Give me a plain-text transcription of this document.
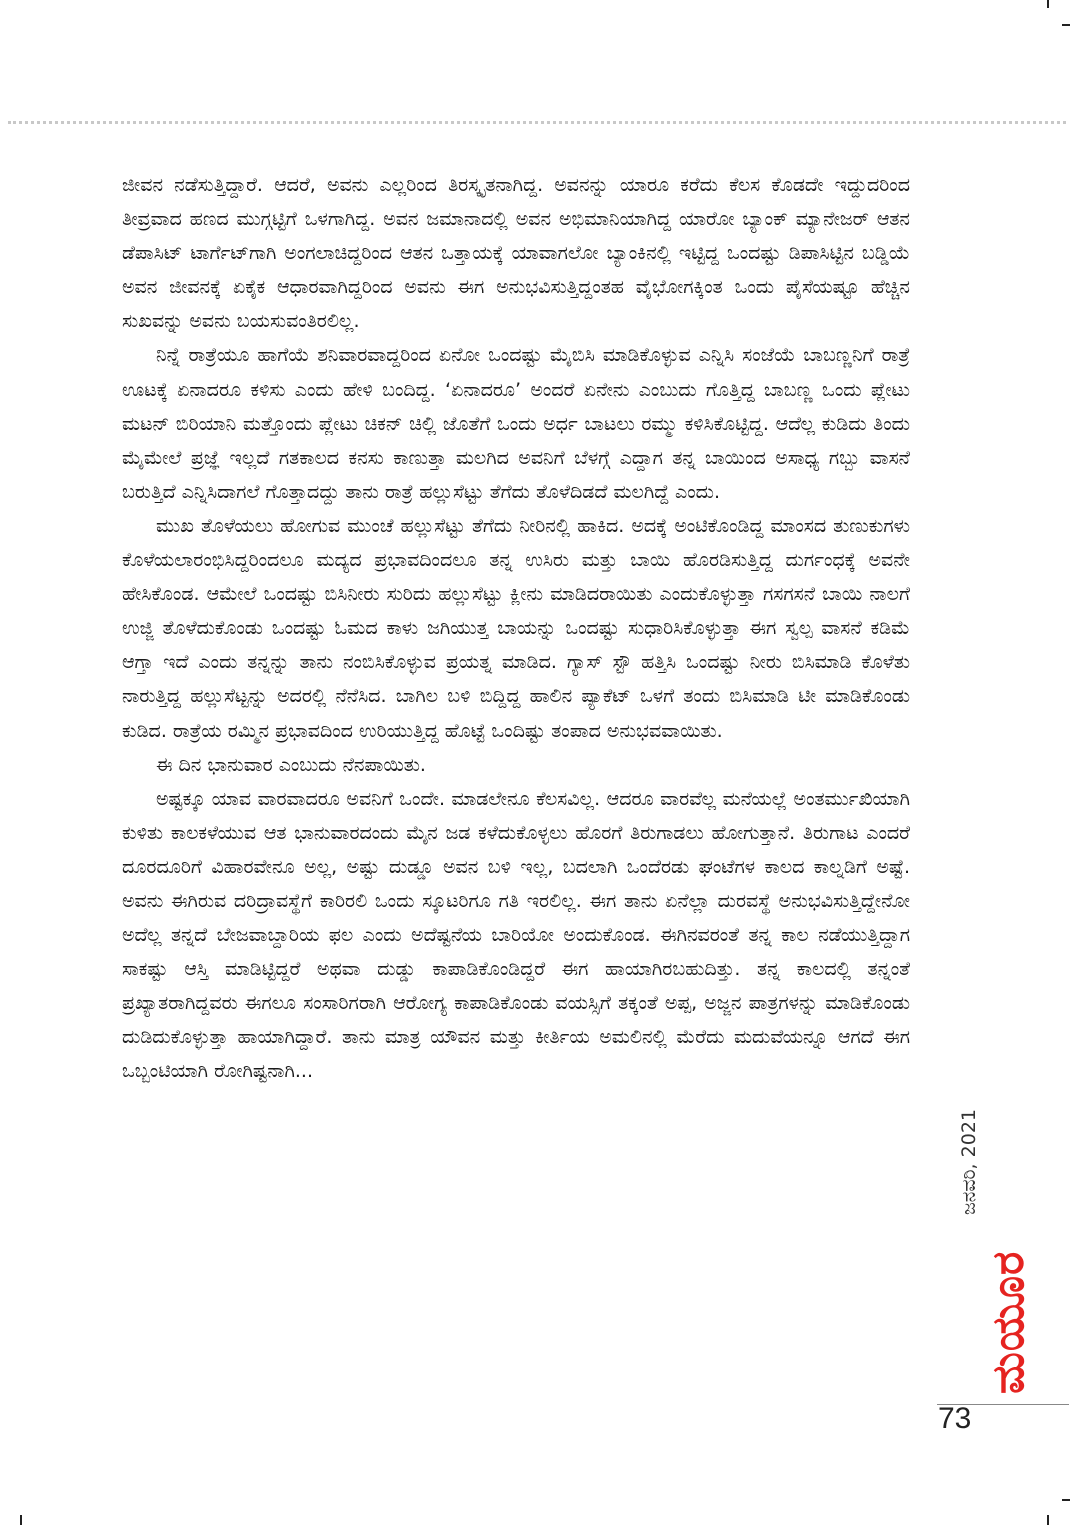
ಜೀವನ ನಡೆಸುತ್ತಿದ್ದಾರೆ. ಆದರೆ, ಅವನು ಎಲ್ಲರಿಂದ ತಿರಸ್ಕೃತನಾಗಿದ್ದ. ಅವನನ್ನು ಯಾರೂ ಕರೆದು ಕೆಲಸ ಕೊಡದೇ ಇದ್ದುದರಿಂದ ತೀವ್ರವಾದ ಹಣದ ಮುಗ್ಗಟ್ಟಿಗೆ ಒಳಗಾಗಿದ್ದ. ಅವನ ಜಮಾನಾದಲ್ಲಿ ಅವನ ಅಭಿಮಾನಿಯಾಗಿದ್ದ ಯಾರೋ ಬ್ಯಾಂಕ್ ಮ್ಯಾನೇಜರ್ ಆತನ ಡೆಪಾಸಿಟ್ ಟಾರ್ಗೆಟ್‌ಗಾಗಿ ಅಂಗಲಾಚಿದ್ದರಿಂದ ಆತನ ಒತ್ತಾಯಕ್ಕೆ ಯಾವಾಗಲೋ ಬ್ಯಾಂಕಿನಲ್ಲಿ ಇಟ್ಟಿದ್ದ ಒಂದಷ್ಟು ಡಿಪಾಸಿಟ್ಟಿನ ಬಡ್ಡಿಯೆ ಅವನ ಜೀವನಕ್ಕೆ ಏಕೈಕ ಆಧಾರವಾಗಿದ್ದರಿಂದ ಅವನು ಈಗ ಅನುಭವಿಸುತ್ತಿದ್ದಂತಹ ವೈಭೋಗಕ್ಕಿಂತ ಒಂದು ಪೈಸೆಯಷ್ಟೂ ಹೆಚ್ಚಿನ ಸುಖವನ್ನು ಅವನು ಬಯಸುವಂತಿರಲಿಲ್ಲ.

ನಿನ್ನೆ ರಾತ್ರೆಯೂ ಹಾಗೆಯೆ ಶನಿವಾರವಾದ್ದರಿಂದ ಏನೋ ಒಂದಷ್ಟು ಮೈಬಿಸಿ ಮಾಡಿಕೊಳ್ಳುವ ಎನ್ನಿಸಿ ಸಂಜೆಯೆ ಬಾಬಣ್ಣನಿಗೆ ರಾತ್ರೆ ಊಟಕ್ಕೆ ಏನಾದರೂ ಕಳಿಸು ಎಂದು ಹೇಳಿ ಬಂದಿದ್ದ. ‘ಏನಾದರೂ’ ಅಂದರೆ ಏನೇನು ಎಂಬುದು ಗೊತ್ತಿದ್ದ ಬಾಬಣ್ಣ ಒಂದು ಪ್ಲೇಟು ಮಟನ್ ಬಿರಿಯಾನಿ ಮತ್ತೊಂದು ಪ್ಲೇಟು ಚಿಕನ್ ಚಿಲ್ಲಿ ಜೊತೆಗೆ ಒಂದು ಅರ್ಧ ಬಾಟಲು ರಮ್ಮು ಕಳಿಸಿಕೊಟ್ಟಿದ್ದ. ಆದೆಲ್ಲ ಕುಡಿದು ತಿಂದು ಮೈಮೇಲೆ ಪ್ರಜ್ಞೆ ಇಲ್ಲದೆ ಗತಕಾಲದ ಕನಸು ಕಾಣುತ್ತಾ ಮಲಗಿದ ಅವನಿಗೆ ಬೆಳಗ್ಗೆ ಎದ್ದಾಗ ತನ್ನ ಬಾಯಿಂದ ಅಸಾಧ್ಯ ಗಬ್ಬು ವಾಸನೆ ಬರುತ್ತಿದೆ ಎನ್ನಿಸಿದಾಗಲೆ ಗೊತ್ತಾದದ್ದು ತಾನು ರಾತ್ರೆ ಹಲ್ಲುಸೆಟ್ಟು ತೆಗೆದು ತೊಳೆದಿಡದೆ ಮಲಗಿದ್ದೆ ಎಂದು.

ಮುಖ ತೊಳೆಯಲು ಹೋಗುವ ಮುಂಚೆ ಹಲ್ಲುಸೆಟ್ಟು ತೆಗೆದು ನೀರಿನಲ್ಲಿ ಹಾಕಿದ. ಅದಕ್ಕೆ ಅಂಟಿಕೊಂಡಿದ್ದ ಮಾಂಸದ ತುಣುಕುಗಳು ಕೊಳೆಯಲಾರಂಭಿಸಿದ್ದರಿಂದಲೂ ಮದ್ಯದ ಪ್ರಭಾವದಿಂದಲೂ ತನ್ನ ಉಸಿರು ಮತ್ತು ಬಾಯಿ ಹೊರಡಿಸುತ್ತಿದ್ದ ದುರ್ಗಂಧಕ್ಕೆ ಅವನೇ ಹೇಸಿಕೊಂಡ. ಆಮೇಲೆ ಒಂದಷ್ಟು ಬಿಸಿನೀರು ಸುರಿದು ಹಲ್ಲುಸೆಟ್ಟು ಕ್ಲೀನು ಮಾಡಿದರಾಯಿತು ಎಂದುಕೊಳ್ಳುತ್ತಾ ಗಸಗಸನೆ ಬಾಯಿ ನಾಲಗೆ ಉಜ್ಜಿ ತೊಳೆದುಕೊಂಡು ಒಂದಷ್ಟು ಓಮದ ಕಾಳು ಜಗಿಯುತ್ತ ಬಾಯನ್ನು ಒಂದಷ್ಟು ಸುಧಾರಿಸಿಕೊಳ್ಳುತ್ತಾ ಈಗ ಸ್ವಲ್ಪ ವಾಸನೆ ಕಡಿಮೆ ಆಗ್ತಾ ಇದೆ ಎಂದು ತನ್ನನ್ನು ತಾನು ನಂಬಿಸಿಕೊಳ್ಳುವ ಪ್ರಯತ್ನ ಮಾಡಿದ. ಗ್ಯಾಸ್ ಸ್ಟೌ ಹತ್ತಿಸಿ ಒಂದಷ್ಟು ನೀರು ಬಿಸಿಮಾಡಿ ಕೊಳೆತು ನಾರುತ್ತಿದ್ದ ಹಲ್ಲುಸೆಟ್ಟನ್ನು ಅದರಲ್ಲಿ ನೆನೆಸಿದ. ಬಾಗಿಲ ಬಳಿ ಬಿದ್ದಿದ್ದ ಹಾಲಿನ ಪ್ಯಾಕೆಟ್ ಒಳಗೆ ತಂದು ಬಿಸಿಮಾಡಿ ಟೀ ಮಾಡಿಕೊಂಡು ಕುಡಿದ. ರಾತ್ರೆಯ ರಮ್ಮಿನ ಪ್ರಭಾವದಿಂದ ಉರಿಯುತ್ತಿದ್ದ ಹೊಟ್ಟೆ ಒಂದಿಷ್ಟು ತಂಪಾದ ಅನುಭವವಾಯಿತು.

ಈ ದಿನ ಭಾನುವಾರ ಎಂಬುದು ನೆನಪಾಯಿತು.

ಅಷ್ಟಕ್ಕೂ ಯಾವ ವಾರವಾದರೂ ಅವನಿಗೆ ಒಂದೇ. ಮಾಡಲೇನೂ ಕೆಲಸವಿಲ್ಲ. ಆದರೂ ವಾರವೆಲ್ಲ ಮನೆಯಲ್ಲೆ ಅಂತರ್ಮುಖಿಯಾಗಿ ಕುಳಿತು ಕಾಲಕಳೆಯುವ ಆತ ಭಾನುವಾರದಂದು ಮೈನ ಜಡ ಕಳೆದುಕೊಳ್ಳಲು ಹೊರಗೆ ತಿರುಗಾಡಲು ಹೋಗುತ್ತಾನೆ. ತಿರುಗಾಟ ಎಂದರೆ ದೂರದೂರಿಗೆ ವಿಹಾರವೇನೂ ಅಲ್ಲ, ಅಷ್ಟು ದುಡ್ಡೂ ಅವನ ಬಳಿ ಇಲ್ಲ, ಬದಲಾಗಿ ಒಂದೆರಡು ಘಂಟೆಗಳ ಕಾಲದ ಕಾಲ್ನಡಿಗೆ ಅಷ್ಟೆ. ಅವನು ಈಗಿರುವ ದರಿದ್ರಾವಸ್ಥೆಗೆ ಕಾರಿರಲಿ ಒಂದು ಸ್ಕೂಟರಿಗೂ ಗತಿ ಇರಲಿಲ್ಲ. ಈಗ ತಾನು ಏನೆಲ್ಲಾ ದುರವಸ್ಥೆ ಅನುಭವಿಸುತ್ತಿದ್ದೇನೋ ಅದೆಲ್ಲ ತನ್ನದೆ ಬೇಜವಾಬ್ದಾರಿಯ ಫಲ ಎಂದು ಅದೆಷ್ಟನೆಯ ಬಾರಿಯೋ ಅಂದುಕೊಂಡ. ಈಗಿನವರಂತೆ ತನ್ನ ಕಾಲ ನಡೆಯುತ್ತಿದ್ದಾಗ ಸಾಕಷ್ಟು ಆಸ್ತಿ ಮಾಡಿಟ್ಟಿದ್ದರೆ ಅಥವಾ ದುಡ್ಡು ಕಾಪಾಡಿಕೊಂಡಿದ್ದರೆ ಈಗ ಹಾಯಾಗಿರಬಹುದಿತ್ತು. ತನ್ನ ಕಾಲದಲ್ಲಿ ತನ್ನಂತೆ ಪ್ರಖ್ಯಾತರಾಗಿದ್ದವರು ಈಗಲೂ ಸಂಸಾರಿಗರಾಗಿ ಆರೋಗ್ಯ ಕಾಪಾಡಿಕೊಂಡು ವಯಸ್ಸಿಗೆ ತಕ್ಕಂತೆ ಅಪ್ಪ, ಅಜ್ಜನ ಪಾತ್ರಗಳನ್ನು ಮಾಡಿಕೊಂಡು ದುಡಿದುಕೊಳ್ಳುತ್ತಾ ಹಾಯಾಗಿದ್ದಾರೆ. ತಾನು ಮಾತ್ರ ಯೌವನ ಮತ್ತು ಕೀರ್ತಿಯ ಅಮಲಿನಲ್ಲಿ ಮೆರೆದು ಮದುವೆಯನ್ನೂ ಆಗದೆ ಈಗ ಒಬ್ಬಂಟಿಯಾಗಿ ರೋಗಿಷ್ಟನಾಗಿ...

ಜನವರಿ, 2021
ಮಯೂರ
73
